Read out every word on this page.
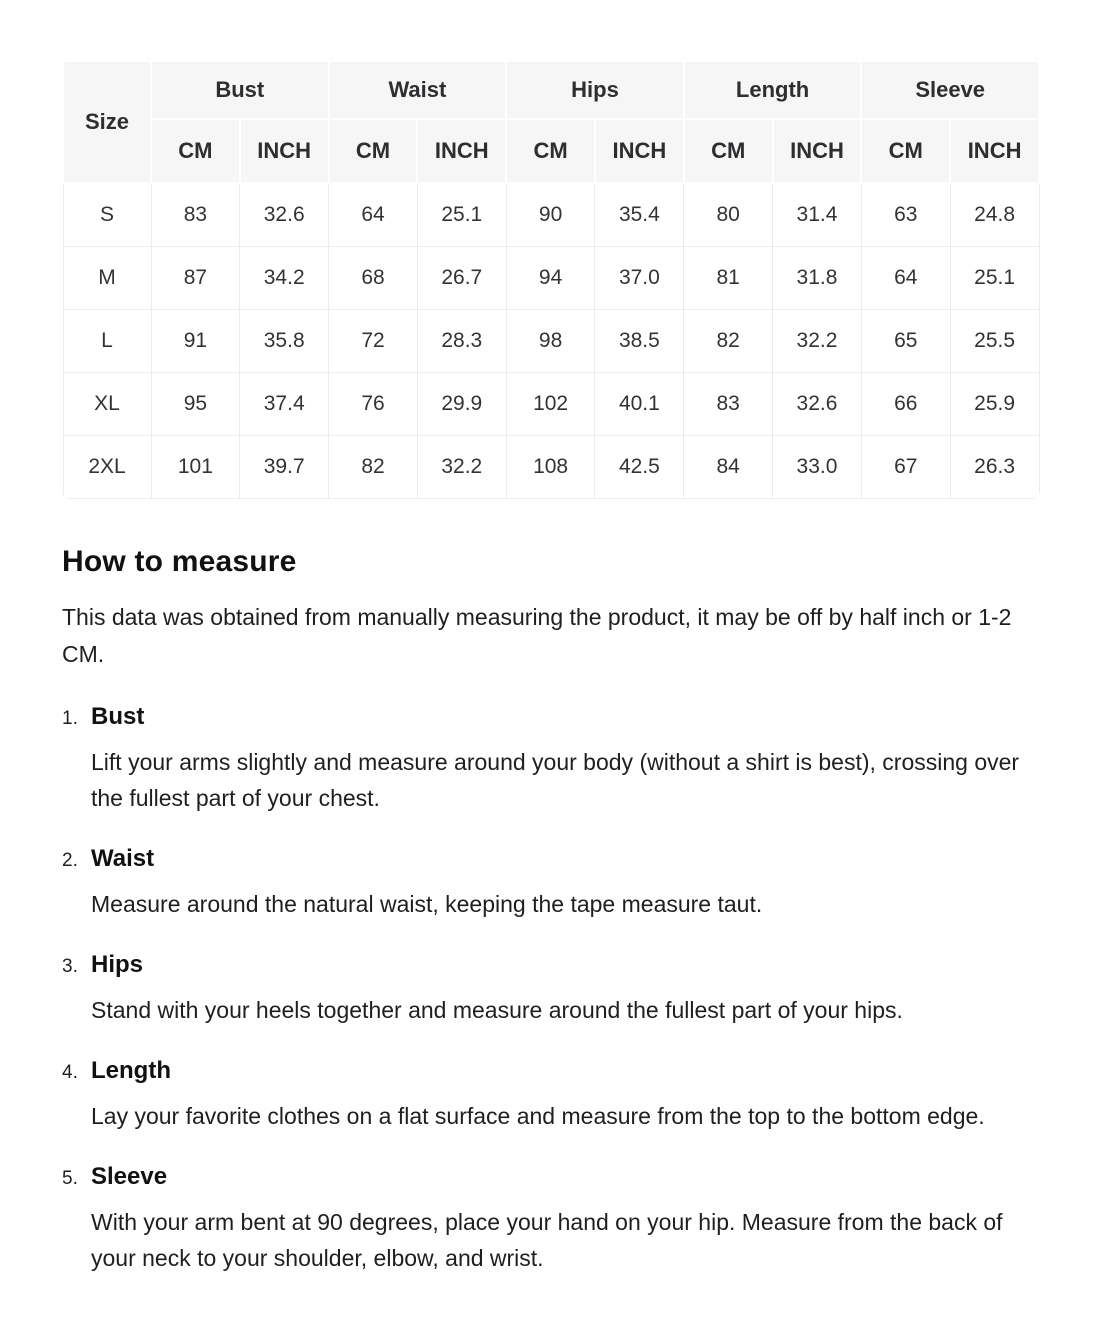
Size	Bust		Waist		Hips		Length		Sleeve	
	CM	INCH	CM	INCH	CM	INCH	CM	INCH	CM	INCH
S	83	32.6	64	25.1	90	35.4	80	31.4	63	24.8
M	87	34.2	68	26.7	94	37.0	81	31.8	64	25.1
L	91	35.8	72	28.3	98	38.5	82	32.2	65	25.5
XL	95	37.4	76	29.9	102	40.1	83	32.6	66	25.9
2XL	101	39.7	82	32.2	108	42.5	84	33.0	67	26.3
How to measure

This data was obtained from manually measuring the product, it may be off by half inch or 1-2 CM.

1. Bust

Lift your arms slightly and measure around your body (without a shirt is best), crossing over the fullest part of your chest.

2. Waist

Measure around the natural waist, keeping the tape measure taut.

3. Hips

Stand with your heels together and measure around the fullest part of your hips.

4. Length

Lay your favorite clothes on a flat surface and measure from the top to the bottom edge.

5. Sleeve

With your arm bent at 90 degrees, place your hand on your hip. Measure from the back of your neck to your shoulder, elbow, and wrist.
